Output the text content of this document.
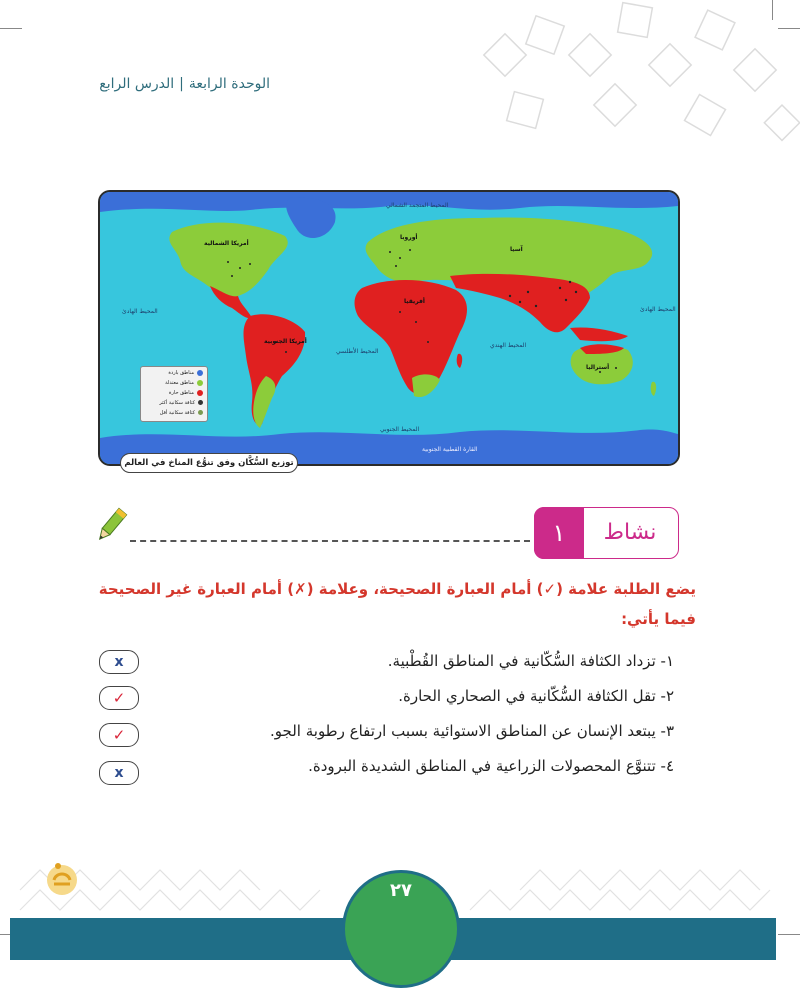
الوحدة الرابعة|الدرس الرابع
المحيط المتجمد الشمالي
أمريكا الشمالية
أوروبا
آسيا
المحيط الهادئ	المحيط الهادئ
أفريقيا
أمريكا الجنوبية
المحيط الأطلسي
المحيط الهندي
أستراليا
المحيط الجنوبي
القارة القطبية الجنوبية
مناطق باردة
مناطق معتدلة
مناطق حارة
كثافة سكانية أكثر
كثافة سكانية أقل
توزيع السُّكَّان وفق تنوُّع المناخ في العالم
١	نشاط
يضع الطلبة علامة (✓) أمام العبارة الصحيحة، وعلامة (✗) أمام العبارة غير الصحيحة
فيما يأتي:
١- تزداد الكثافة السُّكّانية في المناطق القُطْبية.
x
٢- تقل الكثافة السُّكّانية في الصحاري الحارة.
✓
٣- يبتعد الإنسان عن المناطق الاستوائية بسبب ارتفاع رطوبة الجو.
✓
٤- تتنوَّع المحصولات الزراعية في المناطق الشديدة البرودة.
x
٢٧
